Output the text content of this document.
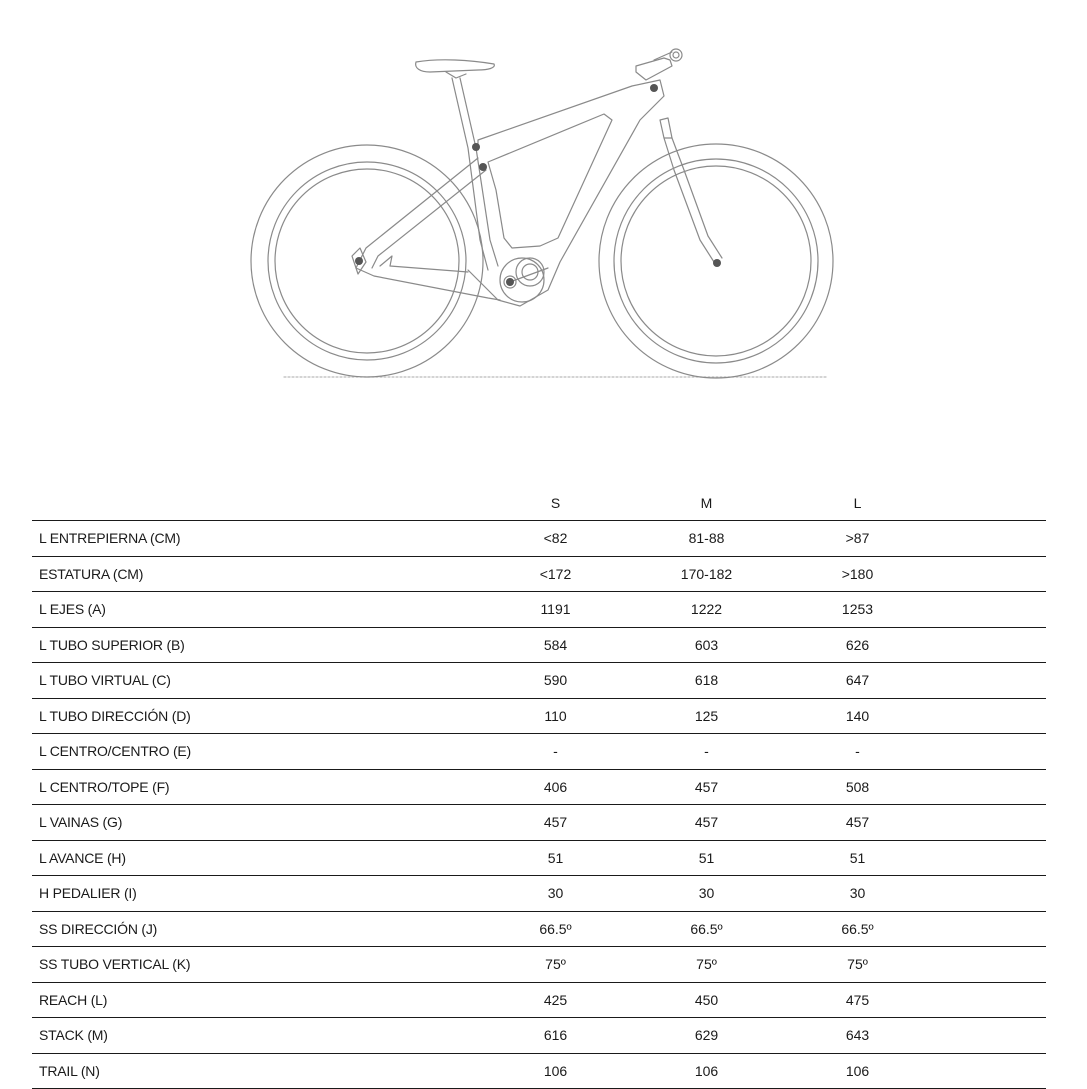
	S	M	L	
L ENTREPIERNA (CM)	<82	81-88	>87	
ESTATURA (CM)	<172	170-182	>180	
L EJES (A)	1191	1222	1253	
L TUBO SUPERIOR (B)	584	603	626	
L TUBO VIRTUAL (C)	590	618	647	
L TUBO DIRECCIÓN (D)	110	125	140	
L CENTRO/CENTRO (E)	-	-	-	
L CENTRO/TOPE (F)	406	457	508	
L VAINAS (G)	457	457	457	
L AVANCE (H)	51	51	51	
H PEDALIER (I)	30	30	30	
SS DIRECCIÓN (J)	66.5º	66.5º	66.5º	
SS TUBO VERTICAL (K)	75º	75º	75º	
REACH (L)	425	450	475	
STACK (M)	616	629	643	
TRAIL (N)	106	106	106	
